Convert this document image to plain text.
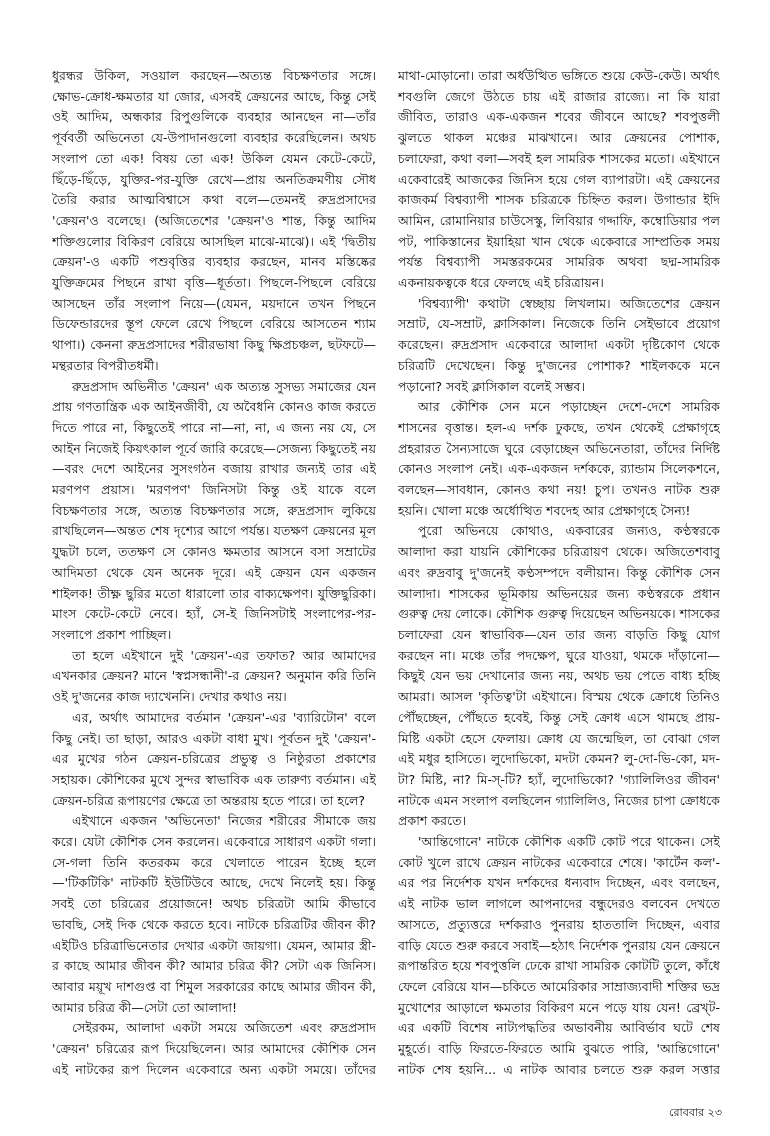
ধুরন্ধর উকিল, সওয়াল করছেন—অত্যন্ত বিচক্ষণতার সঙ্গে। ক্ষোভ-ক্রোধ-ক্ষমতার যা জোর, এসবই ক্রেয়নের আছে, কিন্তু সেই ওই আদিম, অন্ধকার রিপুগুলিকে ব্যবহার আনছেন না—তাঁর পূর্ববর্তী অভিনেতা যে-উপাদানগুলো ব্যবহার করেছিলেন। অথচ সংলাপ তো এক! বিষয় তো এক! উকিল যেমন কেটে-কেটে, ছিঁড়ে-ছিঁড়ে, যুক্তির-পর-যুক্তি রেখে—প্রায় অনতিক্রমণীয় সৌধ তৈরি করার আত্মবিশ্বাসে কথা বলে—তেমনই রুদ্রপ্রসাদের 'ক্রেয়ন'ও বলেছে। (অজিতেশের 'ক্রেয়ন'ও শান্ত, কিন্তু আদিম শক্তিগুলোর বিকিরণ বেরিয়ে আসছিল মাঝে-মাঝে)। এই 'দ্বিতীয় ক্রেয়ন'-ও একটি পশুবৃত্তির ব্যবহার করছেন, মানব মস্তিষ্কের যুক্তিক্রমের পিছনে রাখা বৃত্তি—ধূর্ততা। পিছলে-পিছলে বেরিয়ে আসছেন তাঁর সংলাপ নিয়ে—(যেমন, ময়দানে তখন পিছনে ডিফেন্ডারদের স্তূপ ফেলে রেখে পিছলে বেরিয়ে আসতেন শ্যাম থাপা।) কেননা রুদ্রপ্রসাদের শরীরভাষা কিছু ক্ষিপ্রচঞ্চল, ছটফটে—মন্থরতার বিপরীতধর্মী।

রুদ্রপ্রসাদ অভিনীত 'ক্রেয়ন' এক অত্যন্ত সুসভ্য সমাজের যেন প্রায় গণতান্ত্রিক এক আইনজীবী, যে অবৈধনি কোনও কাজ করতে দিতে পারে না, কিছুতেই পারে না—না, না, এ জন্য নয় যে, সে আইন নিজেই কিয়ৎকাল পূর্বে জারি করেছে—সেজন্য কিছুতেই নয়—বরং দেশে আইনের সুসংগঠন বজায় রাখার জন্যই তার এই মরণপণ প্রয়াস। 'মরণপণ' জিনিসটা কিন্তু ওই যাকে বলে বিচক্ষণতার সঙ্গে, অত্যন্ত বিচক্ষণতার সঙ্গে, রুদ্রপ্রসাদ লুকিয়ে রাখছিলেন—অন্তত শেষ দৃশ্যের আগে পর্যন্ত। যতক্ষণ ক্রেয়নের মূল যুদ্ধটা চলে, ততক্ষণ সে কোনও ক্ষমতার আসনে বসা সম্রাটের আদিমতা থেকে যেন অনেক দূরে। এই ক্রেয়ন যেন একজন শাইলক! তীক্ষ্ণ ছুরির মতো ধারালো তার বাক্যক্ষেপণ। যুক্তিছুরিকা। মাংস কেটে-কেটে নেবে। হ্যাঁ, সে-ই জিনিসটাই সংলাপের-পর-সংলাপে প্রকাশ পাচ্ছিল।

তা হলে এইখানে দুই 'ক্রেয়ন'-এর তফাত? আর আমাদের এখনকার ক্রেয়ন? মানে 'স্বপ্নসন্ধানী'-র ক্রেয়ন? অনুমান করি তিনি ওই দু'জনের কাজ দ্যাখেননি। দেখার কথাও নয়।

এর, অর্থাৎ আমাদের বর্তমান 'ক্রেয়ন'-এর 'ব্যারিটোন' বলে কিছু নেই। তা ছাড়া, আরও একটা বাধা মুখ। পূর্বতন দুই 'ক্রেয়ন'-এর মুখের গঠন ক্রেয়ন-চরিত্রের প্রভুত্ব ও নিষ্ঠুরতা প্রকাশের সহায়ক। কৌশিকের মুখে সুন্দর স্বাভাবিক এক তারুণ্য বর্তমান। এই ক্রেয়ন-চরিত্র রূপায়ণের ক্ষেত্রে তা অন্তরায় হতে পারে। তা হলে?

এইখানে একজন 'অভিনেতা' নিজের শরীরের সীমাকে জয় করে। যেটা কৌশিক সেন করলেন। একেবারে সাধারণ একটা গলা। সে-গলা তিনি কতরকম করে খেলাতে পারেন ইচ্ছে হলে—'টিকটিকি' নাটকটি ইউটিউবে আছে, দেখে নিলেই হয়। কিন্তু সবই তো চরিত্রের প্রয়োজনে! অথচ চরিত্রটা আমি কীভাবে ভাবছি, সেই দিক থেকে করতে হবে। নাটকে চরিত্রটির জীবন কী? এইটিও চরিত্রাভিনেতার দেখার একটা জায়গা। যেমন, আমার স্ত্রী-র কাছে আমার জীবন কী? আমার চরিত্র কী? সেটা এক জিনিস। আবার ময়ূখ দাশগুপ্ত বা শিমুল সরকারের কাছে আমার জীবন কী, আমার চরিত্র কী—সেটা তো আলাদা!

সেইরকম, আলাদা একটা সময়ে অজিতেশ এবং রুদ্রপ্রসাদ 'ক্রেয়ন' চরিত্রের রূপ দিয়েছিলেন। আর আমাদের কৌশিক সেন এই নাটকের রূপ দিলেন একেবারে অন্য একটা সময়ে। তাঁদের

মাথা-মোড়ানো। তারা অর্ধউত্থিত ভঙ্গিতে শুয়ে কেউ-কেউ। অর্থাৎ শবগুলি জেগে উঠতে চায় এই রাজার রাজ্যে। না কি যারা জীবিত, তারাও এক-একজন শবের জীবনে আছে? শবপুত্তলী ঝুলতে থাকল মঞ্চের মাঝখানে। আর ক্রেয়নের পোশাক, চলাফেরা, কথা বলা—সবই হল সামরিক শাসকের মতো। এইখানে একেবারেই আজকের জিনিস হয়ে গেল ব্যাপারটা। এই ক্রেয়নের কাজকর্ম বিশ্বব্যাপী শাসক চরিত্রকে চিহ্নিত করল। উগান্ডার ইদি আমিন, রোমানিয়ার চাউসেস্কু, লিবিয়ার গদ্দাফি, কম্বোডিয়ার পল পট, পাকিস্তানের ইয়াহিয়া খান থেকে একেবারে সাম্প্রতিক সময় পর্যন্ত বিশ্বব্যাপী সমস্তরকমের সামরিক অথবা ছদ্ম-সামরিক একনায়কত্বকে ধরে ফেলছে এই চরিত্রায়ন।

'বিশ্বব্যাপী' কথাটা স্বেচ্ছায় লিখলাম। অজিতেশের ক্রেয়ন সম্রাট, যে-সম্রাট, ক্লাসিকাল। নিজেকে তিনি সেইভাবে প্রয়োগ করেছেন। রুদ্রপ্রসাদ একেবারে আলাদা একটা দৃষ্টিকোণ থেকে চরিত্রটি দেখেছেন। কিন্তু দু'জনের পোশাক? শাইলককে মনে পড়ানো? সবই ক্লাসিকাল বলেই সম্ভব।

আর কৌশিক সেন মনে পড়াচ্ছেন দেশে-দেশে সামরিক শাসনের বৃত্তান্ত। হল-এ দর্শক ঢুকছে, তখন থেকেই প্রেক্ষাগৃহে প্রহরারত সৈন্যসাজে ঘুরে বেড়াচ্ছেন অভিনেতারা, তাঁদের নির্দিষ্ট কোনও সংলাপ নেই। এক-একজন দর্শককে, র‍্যান্ডাম সিলেকশনে, বলছেন—সাবধান, কোনও কথা নয়! চুপ। তখনও নাটক শুরু হয়নি। খোলা মঞ্চে অর্ধোত্থিত শবদেহ আর প্রেক্ষাগৃহে সৈন্য!

পুরো অভিনয়ে কোথাও, একবারের জন্যও, কণ্ঠস্বরকে আলাদা করা যায়নি কৌশিকের চরিত্রায়ণ থেকে। অজিতেশবাবু এবং রুদ্রবাবু দু'জনেই কণ্ঠসম্পদে বলীয়ান। কিন্তু কৌশিক সেন আলাদা। শাসকের ভূমিকায় অভিনয়ের জন্য কণ্ঠস্বরকে প্রধান গুরুত্ব দেয় লোকে। কৌশিক গুরুত্ব দিয়েছেন অভিনয়কে। শাসকের চলাফেরা যেন স্বাভাবিক—যেন তার জন্য বাড়তি কিছু যোগ করছেন না। মঞ্চে তাঁর পদক্ষেপ, ঘুরে যাওয়া, থমকে দাঁড়ানো—কিছুই যেন ভয় দেখানোর জন্য নয়, অথচ ভয় পেতে বাধ্য হচ্ছি আমরা। আসল 'কৃতিত্ব'টা এইখানে। বিস্ময় থেকে ক্রোধে তিনিও পৌঁছচ্ছেন, পৌঁছতে হবেই, কিন্তু সেই ক্রোধ এসে থামছে প্রায়-মিষ্টি একটা হেসে ফেলায়। ক্রোধ যে জন্মেছিল, তা বোঝা গেল এই মধুর হাসিতে। লুদোভিকো, মদটা কেমন? লু-দো-ভি-কো, মদ-টা? মিষ্টি, না? মি-স্-টি? হ্যাঁ, লুদোভিকো? 'গ্যালিলিওর জীবন' নাটকে এমন সংলাপ বলছিলেন গ্যালিলিও, নিজের চাপা ক্রোধকে প্রকাশ করতে।

'আন্তিগোনে' নাটকে কৌশিক একটি কোট পরে থাকেন। সেই কোট খুলে রাখে ক্রেয়ন নাটকের একেবারে শেষে। 'কার্টেন কল'-এর পর নির্দেশক যখন দর্শকদের ধন্যবাদ দিচ্ছেন, এবং বলছেন, এই নাটক ভাল লাগলে আপনাদের বন্ধুদেরও বলবেন দেখতে আসতে, প্রত্যুত্তরে দর্শকরাও পুনরায় হাততালি দিচ্ছেন, এবার বাড়ি যেতে শুরু করবে সবাই—হঠাৎ নির্দেশক পুনরায় যেন ক্রেয়নে রূপান্তরিত হয়ে শবপুত্তলি ঢেকে রাখা সামরিক কোটটি তুলে, কাঁধে ফেলে বেরিয়ে যান—চকিতে আমেরিকার সাম্রাজ্যবাদী শক্তির ভদ্র মুখোশের আড়ালে ক্ষমতার বিকিরণ মনে পড়ে যায় যেন! ব্রেখ্‌ট-এর একটি বিশেষ নাট্যপদ্ধতির অভাবনীয় আবির্ভাব ঘটে শেষ মুহূর্তে। বাড়ি ফিরতে-ফিরতে আমি বুঝতে পারি, 'আন্তিগোনে' নাটক শেষ হয়নি... এ নাটক আবার চলতে শুরু করল সত্তার

রোববার ২৩
